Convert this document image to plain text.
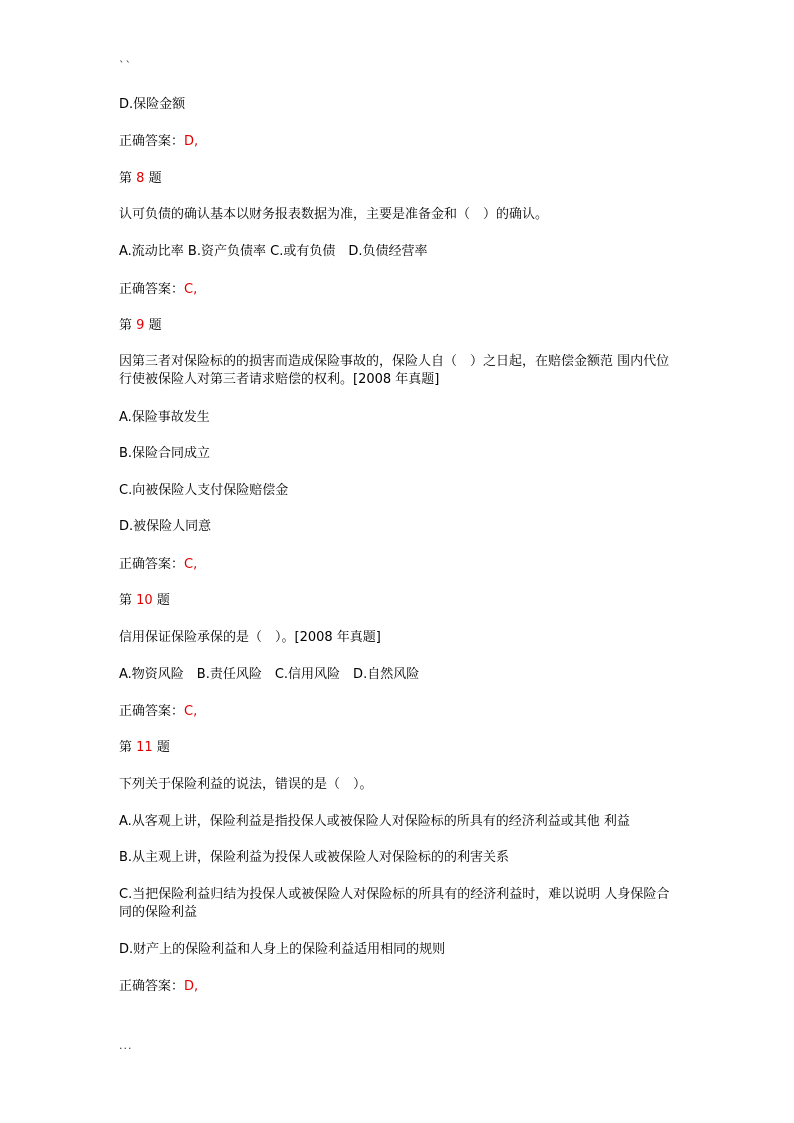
``
D.保险金额
正确答案：D,
第 8 题
认可负债的确认基本以财务报表数据为准，主要是准备金和（　）的确认。
A.流动比率 B.资产负债率 C.或有负债　D.负债经营率
正确答案：C,
第 9 题
因第三者对保险标的的损害而造成保险事故的，保险人自（　）之日起，在赔偿金额范 围内代位行使被保险人对第三者请求赔偿的权利。[2008 年真题]
A.保险事故发生
B.保险合同成立
C.向被保险人支付保险赔偿金
D.被保险人同意
正确答案：C,
第 10 题
信用保证保险承保的是（　）。[2008 年真题]
A.物资风险　B.责任风险　C.信用风险　D.自然风险
正确答案：C,
第 11 题
下列关于保险利益的说法，错误的是（　）。
A.从客观上讲，保险利益是指投保人或被保险人对保险标的所具有的经济利益或其他 利益
B.从主观上讲，保险利益为投保人或被保险人对保险标的的利害关系
C.当把保险利益归结为投保人或被保险人对保险标的所具有的经济利益时，难以说明 人身保险合同的保险利益
D.财产上的保险利益和人身上的保险利益适用相同的规则
正确答案：D,
...
